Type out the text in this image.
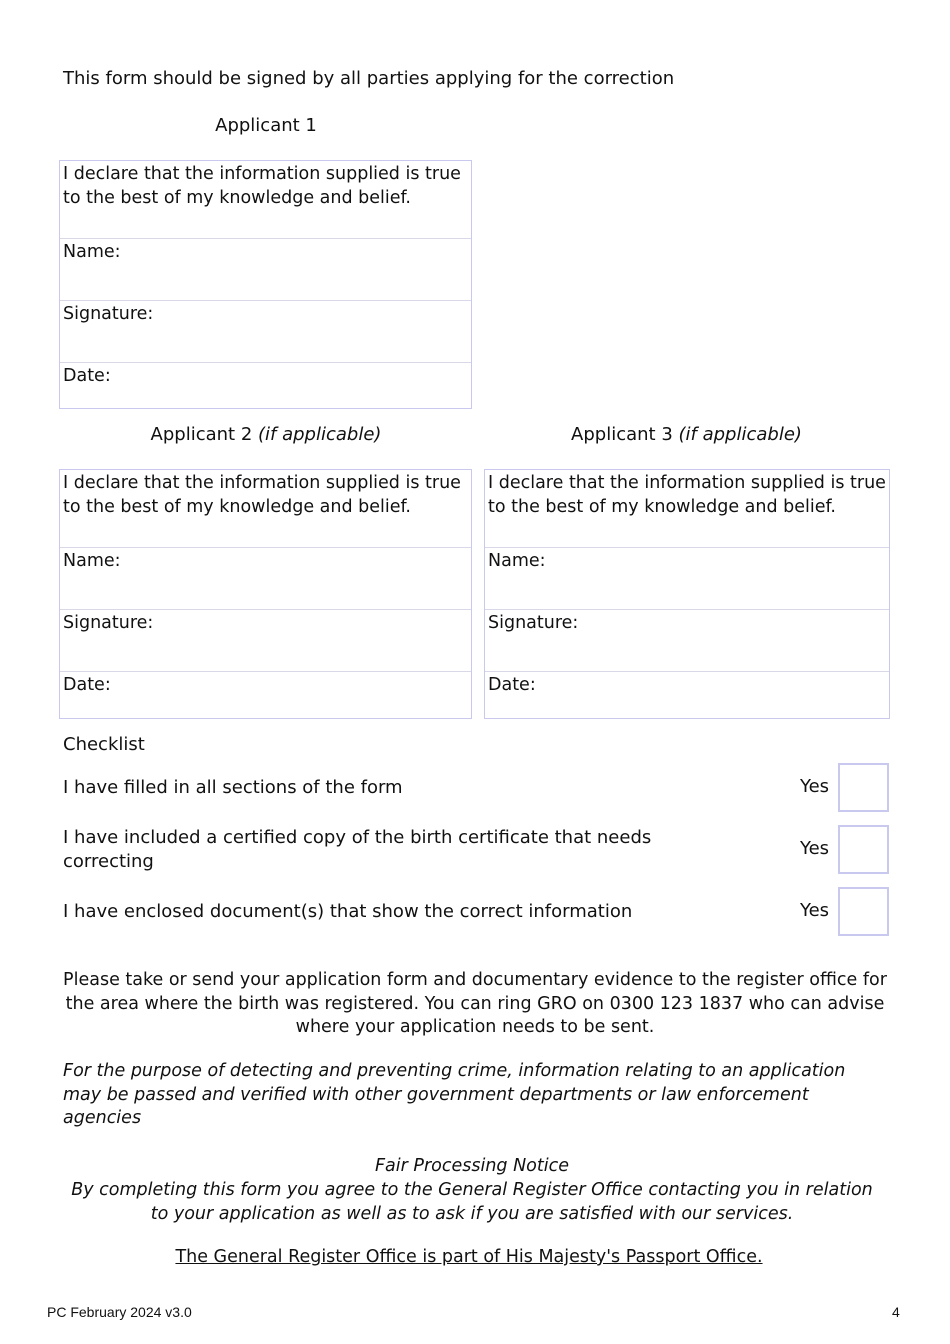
This form should be signed by all parties applying for the correction
Applicant 1
I declare that the information supplied is true to the best of my knowledge and belief.
Name:
Signature:
Date:
Applicant 2 (if applicable)
I declare that the information supplied is true to the best of my knowledge and belief.
Name:
Signature:
Date:
Applicant 3 (if applicable)
I declare that the information supplied is true to the best of my knowledge and belief.
Name:
Signature:
Date:
Checklist
I have filled in all sections of the form	Yes
I have included a certified copy of the birth certificate that needs correcting
Yes
I have enclosed document(s) that show the correct information	Yes
Please take or send your application form and documentary evidence to the register office for the area where the birth was registered. You can ring GRO on 0300 123 1837 who can advise where your application needs to be sent.
For the purpose of detecting and preventing crime, information relating to an application may be passed and verified with other government departments or law enforcement agencies
Fair Processing Notice
By completing this form you agree to the General Register Office contacting you in relation to your application as well as to ask if you are satisfied with our services.
The General Register Office is part of His Majesty's Passport Office.
PC February 2024 v3.0	4
